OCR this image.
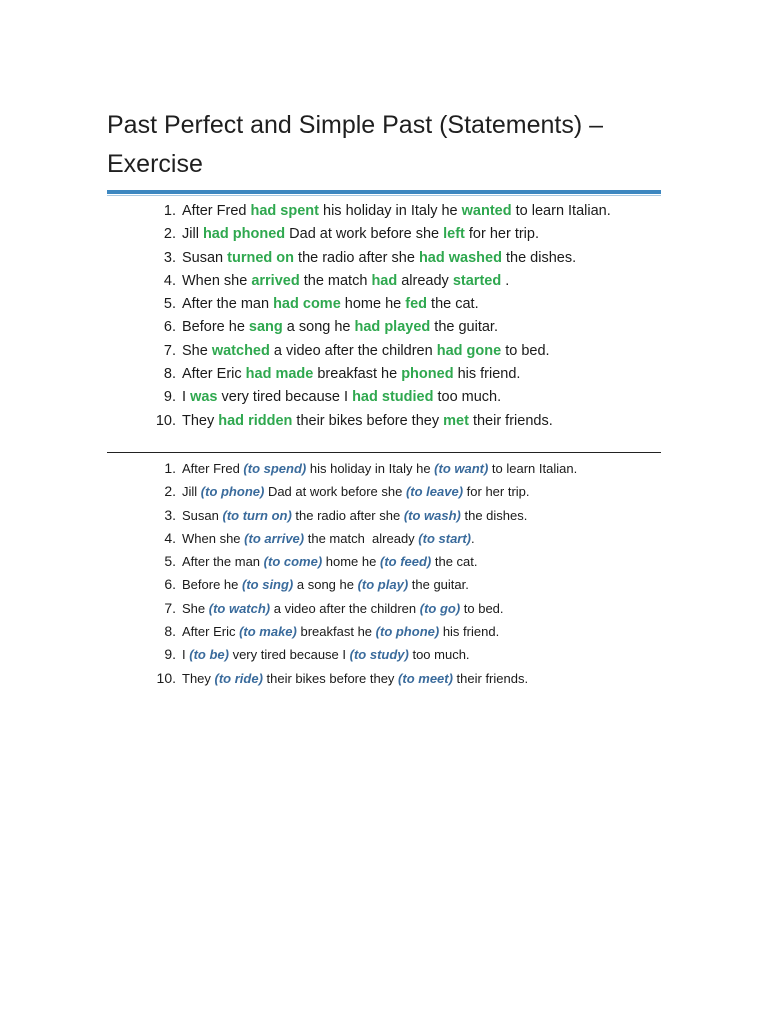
Past Perfect and Simple Past (Statements) –
Exercise
1. After Fred had spent his holiday in Italy he wanted to learn Italian.
2. Jill had phoned Dad at work before she left for her trip.
3. Susan turned on the radio after she had washed the dishes.
4. When she arrived the match had already started .
5. After the man had come home he fed the cat.
6. Before he sang a song he had played the guitar.
7. She watched a video after the children had gone to bed.
8. After Eric had made breakfast he phoned his friend.
9. I was very tired because I had studied too much.
10. They had ridden their bikes before they met their friends.
1. After Fred (to spend) his holiday in Italy he (to want) to learn Italian.
2. Jill (to phone) Dad at work before she (to leave) for her trip.
3. Susan (to turn on) the radio after she (to wash) the dishes.
4. When she (to arrive) the match  already (to start).
5. After the man (to come) home he (to feed) the cat.
6. Before he (to sing) a song he (to play) the guitar.
7. She (to watch) a video after the children (to go) to bed.
8. After Eric (to make) breakfast he (to phone) his friend.
9. I (to be) very tired because I (to study) too much.
10. They (to ride) their bikes before they (to meet) their friends.
